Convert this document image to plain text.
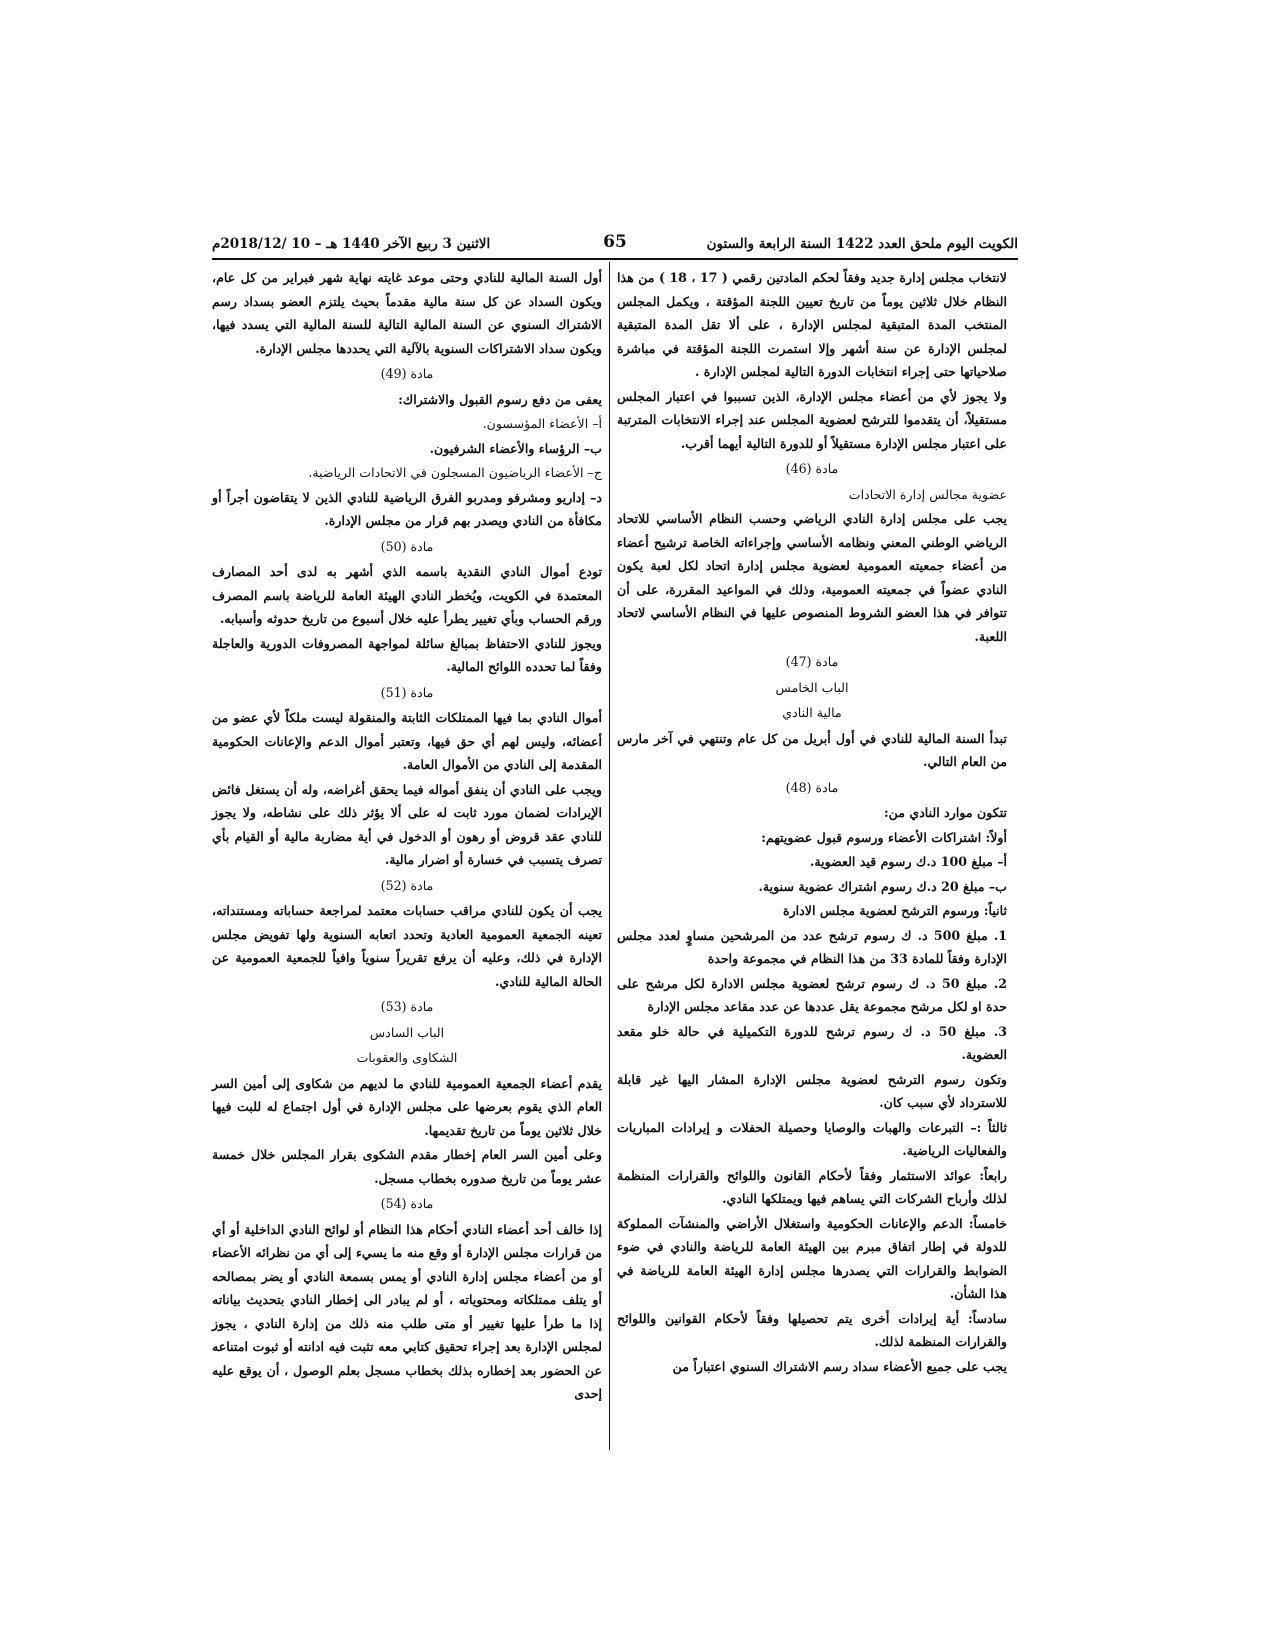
الكويت اليوم ملحق العدد 1422 السنة الرابعة والستون
65
الاثنين 3 ربيع الآخر 1440 هـ – 10 /2018/12م

لانتخاب مجلس إدارة جديد وفقاً لحكم المادتين رقمي ( 17 ، 18 ) من هذا النظام خلال ثلاثين يوماً من تاريخ تعيين اللجنة المؤقتة ، ويكمل المجلس المنتخب المدة المتبقية لمجلس الإدارة ، على ألا تقل المدة المتبقية لمجلس الإدارة عن سنة أشهر وإلا استمرت اللجنة المؤقتة في مباشرة صلاحياتها حتى إجراء انتخابات الدورة التالية لمجلس الإدارة .

ولا يجوز لأي من أعضاء مجلس الإدارة، الذين تسببوا في اعتبار المجلس مستقيلاً، أن يتقدموا للترشح لعضوية المجلس عند إجراء الانتخابات المترتبة على اعتبار مجلس الإدارة مستقيلاً أو للدورة التالية أيهما أقرب.

مادة (46)

عضوية مجالس إدارة الاتحادات

يجب على مجلس إدارة النادي الرياضي وحسب النظام الأساسي للاتحاد الرياضي الوطني المعني ونظامه الأساسي وإجراءاته الخاصة ترشيح أعضاء من أعضاء جمعيته العمومية لعضوية مجلس إدارة اتحاد لكل لعبة يكون النادي عضواً في جمعيته العمومية، وذلك في المواعيد المقررة، على أن تتوافر في هذا العضو الشروط المنصوص عليها في النظام الأساسي لاتحاد اللعبة.

مادة (47)

الباب الخامس

مالية النادي

تبدأ السنة المالية للنادي في أول أبريل من كل عام وتنتهي في آخر مارس من العام التالي.

مادة (48)

تتكون موارد النادي من:

أولاً: اشتراكات الأعضاء ورسوم قبول عضويتهم:

أ– مبلغ 100 د.ك رسوم قيد العضوية.

ب– مبلغ 20 د.ك رسوم اشتراك عضوية سنوية.

ثانياً: ورسوم الترشح لعضوية مجلس الادارة

1. مبلغ 500 د. ك رسوم ترشح عدد من المرشحين مساوٍ لعدد مجلس الإدارة وفقاً للمادة 33 من هذا النظام في مجموعة واحدة

2. مبلغ 50 د. ك رسوم ترشح لعضوية مجلس الادارة لكل مرشح على حدة او لكل مرشح مجموعة يقل عددها عن عدد مقاعد مجلس الإدارة

3. مبلغ 50 د. ك رسوم ترشح للدورة التكميلية في حالة خلو مقعد العضوية.

وتكون رسوم الترشح لعضوية مجلس الإدارة المشار اليها غير قابلة للاسترداد لأي سبب كان.

ثالثاً :– التبرعات والهبات والوصايا وحصيلة الحفلات و إيرادات المباريات والفعاليات الرياضية.

رابعاً: عوائد الاستثمار وفقاً لأحكام القانون واللوائح والقرارات المنظمة لذلك وأرباح الشركات التي يساهم فيها ويمتلكها النادي.

خامساً: الدعم والإعانات الحكومية واستغلال الأراضي والمنشآت المملوكة للدولة في إطار اتفاق مبرم بين الهيئة العامة للرياضة والنادي في ضوء الضوابط والقرارات التي يصدرها مجلس إدارة الهيئة العامة للرياضة في هذا الشأن.

سادساً: أية إيرادات أخرى يتم تحصيلها وفقاً لأحكام القوانين واللوائح والقرارات المنظمة لذلك.

يجب على جميع الأعضاء سداد رسم الاشتراك السنوي اعتباراً من

أول السنة المالية للنادي وحتى موعد غايته نهاية شهر فبراير من كل عام، ويكون السداد عن كل سنة مالية مقدماً بحيث يلتزم العضو بسداد رسم الاشتراك السنوي عن السنة المالية التالية للسنة المالية التي يسدد فيها، ويكون سداد الاشتراكات السنوية بالآلية التي يحددها مجلس الإدارة.

مادة (49)

يعفى من دفع رسوم القبول والاشتراك:

أ– الأعضاء المؤسسون.

ب– الرؤساء والأعضاء الشرفيون.

ج– الأعضاء الرياضيون المسجلون في الاتحادات الرياضية.

د– إداريو ومشرفو ومدربو الفرق الرياضية للنادي الذين لا يتقاضون أجراً أو مكافأة من النادي ويصدر بهم قرار من مجلس الإدارة.

مادة (50)

تودع أموال النادي النقدية باسمه الذي أشهر به لدى أحد المصارف المعتمدة في الكويت، ويُخطر النادي الهيئة العامة للرياضة باسم المصرف ورقم الحساب وبأي تغيير يطرأ عليه خلال أسبوع من تاريخ حدوثه وأسبابه.

ويجوز للنادي الاحتفاظ بمبالغ سائلة لمواجهة المصروفات الدورية والعاجلة وفقاً لما تحدده اللوائح المالية.

مادة (51)

أموال النادي بما فيها الممتلكات الثابتة والمنقولة ليست ملكاً لأي عضو من أعضائه، وليس لهم أي حق فيها، وتعتبر أموال الدعم والإعانات الحكومية المقدمة إلى النادي من الأموال العامة.

ويجب على النادي أن ينفق أمواله فيما يحقق أغراضه، وله أن يستغل فائض الإيرادات لضمان مورد ثابت له على ألا يؤثر ذلك على نشاطه، ولا يجوز للنادي عقد قروض أو رهون أو الدخول في أية مضاربة مالية أو القيام بأي تصرف يتسبب في خسارة أو اضرار مالية.

مادة (52)

يجب أن يكون للنادي مراقب حسابات معتمد لمراجعة حساباته ومستنداته، تعينه الجمعية العمومية العادية وتحدد اتعابه السنوية ولها تفويض مجلس الإدارة في ذلك، وعليه أن يرفع تقريراً سنوياً وافياً للجمعية العمومية عن الحالة المالية للنادي.

مادة (53)

الباب السادس

الشكاوى والعقوبات

يقدم أعضاء الجمعية العمومية للنادي ما لديهم من شكاوى إلى أمين السر العام الذي يقوم بعرضها على مجلس الإدارة في أول اجتماع له للبت فيها خلال ثلاثين يوماً من تاريخ تقديمها.

وعلى أمين السر العام إخطار مقدم الشكوى بقرار المجلس خلال خمسة عشر يوماً من تاريخ صدوره بخطاب مسجل.

مادة (54)

إذا خالف أحد أعضاء النادي أحكام هذا النظام أو لوائح النادي الداخلية أو أي من قرارات مجلس الإدارة أو وقع منه ما يسيء إلى أي من نظرائه الأعضاء أو من أعضاء مجلس إدارة النادي أو يمس بسمعة النادي أو يضر بمصالحه أو يتلف ممتلكاته ومحتوياته ، أو لم يبادر الى إخطار النادي بتحديث بياناته إذا ما طرأ عليها تغيير أو متى طلب منه ذلك من إدارة النادي ، يجوز لمجلس الإدارة بعد إجراء تحقيق كتابي معه تثبت فيه ادانته أو ثبوت امتناعه عن الحضور بعد إخطاره بذلك بخطاب مسجل بعلم الوصول ، أن يوقع عليه إحدى
